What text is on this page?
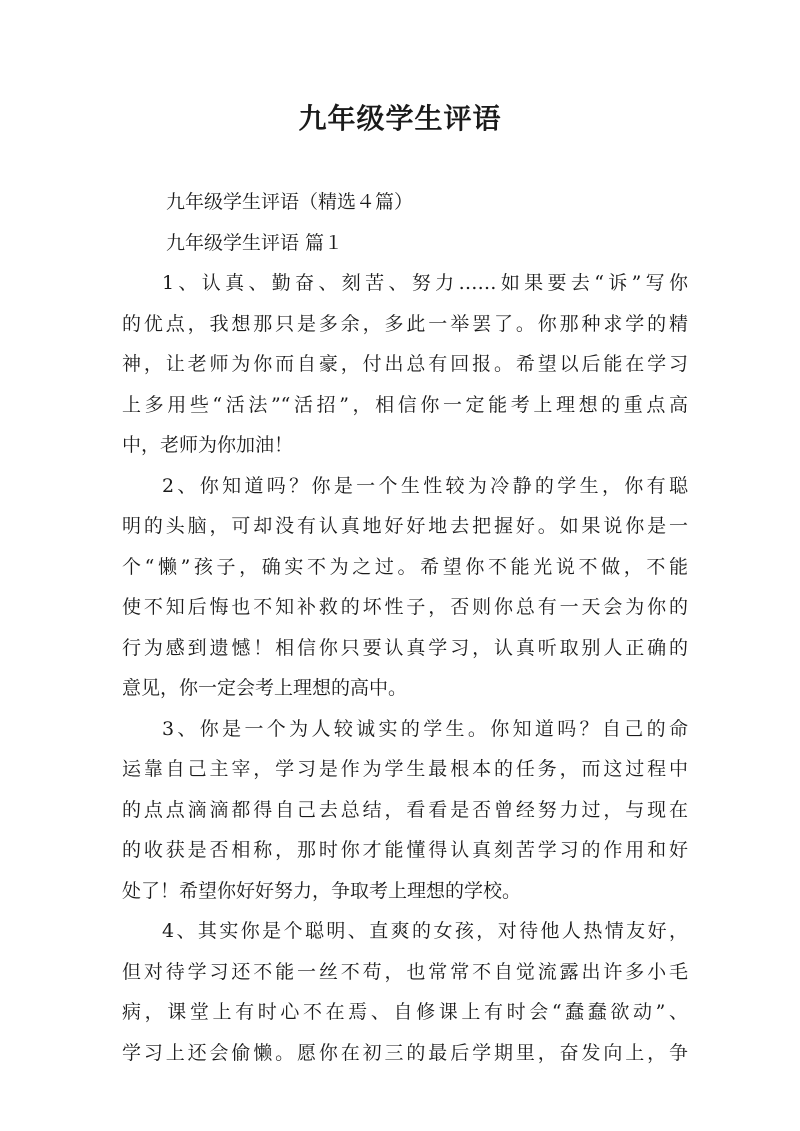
九年级学生评语
九年级学生评语（精选４篇）
九年级学生评语 篇１
1、认真、勤奋、刻苦、努力……如果要去“诉”写你
的优点，我想那只是多余，多此一举罢了。你那种求学的精
神，让老师为你而自豪，付出总有回报。希望以后能在学习
上多用些“活法”“活招”，相信你一定能考上理想的重点高
中，老师为你加油！
2、你知道吗？你是一个生性较为冷静的学生，你有聪
明的头脑，可却没有认真地好好地去把握好。如果说你是一
个“懒”孩子，确实不为之过。希望你不能光说不做，不能
使不知后悔也不知补救的坏性子，否则你总有一天会为你的
行为感到遗憾！相信你只要认真学习，认真听取别人正确的
意见，你一定会考上理想的高中。
3、你是一个为人较诚实的学生。你知道吗？自己的命
运靠自己主宰，学习是作为学生最根本的任务，而这过程中
的点点滴滴都得自己去总结，看看是否曾经努力过，与现在
的收获是否相称，那时你才能懂得认真刻苦学习的作用和好
处了！希望你好好努力，争取考上理想的学校。
4、其实你是个聪明、直爽的女孩，对待他人热情友好，
但对待学习还不能一丝不苟，也常常不自觉流露出许多小毛
病，课堂上有时心不在焉、自修课上有时会“蠢蠢欲动”、
学习上还会偷懒。愿你在初三的最后学期里，奋发向上，争
